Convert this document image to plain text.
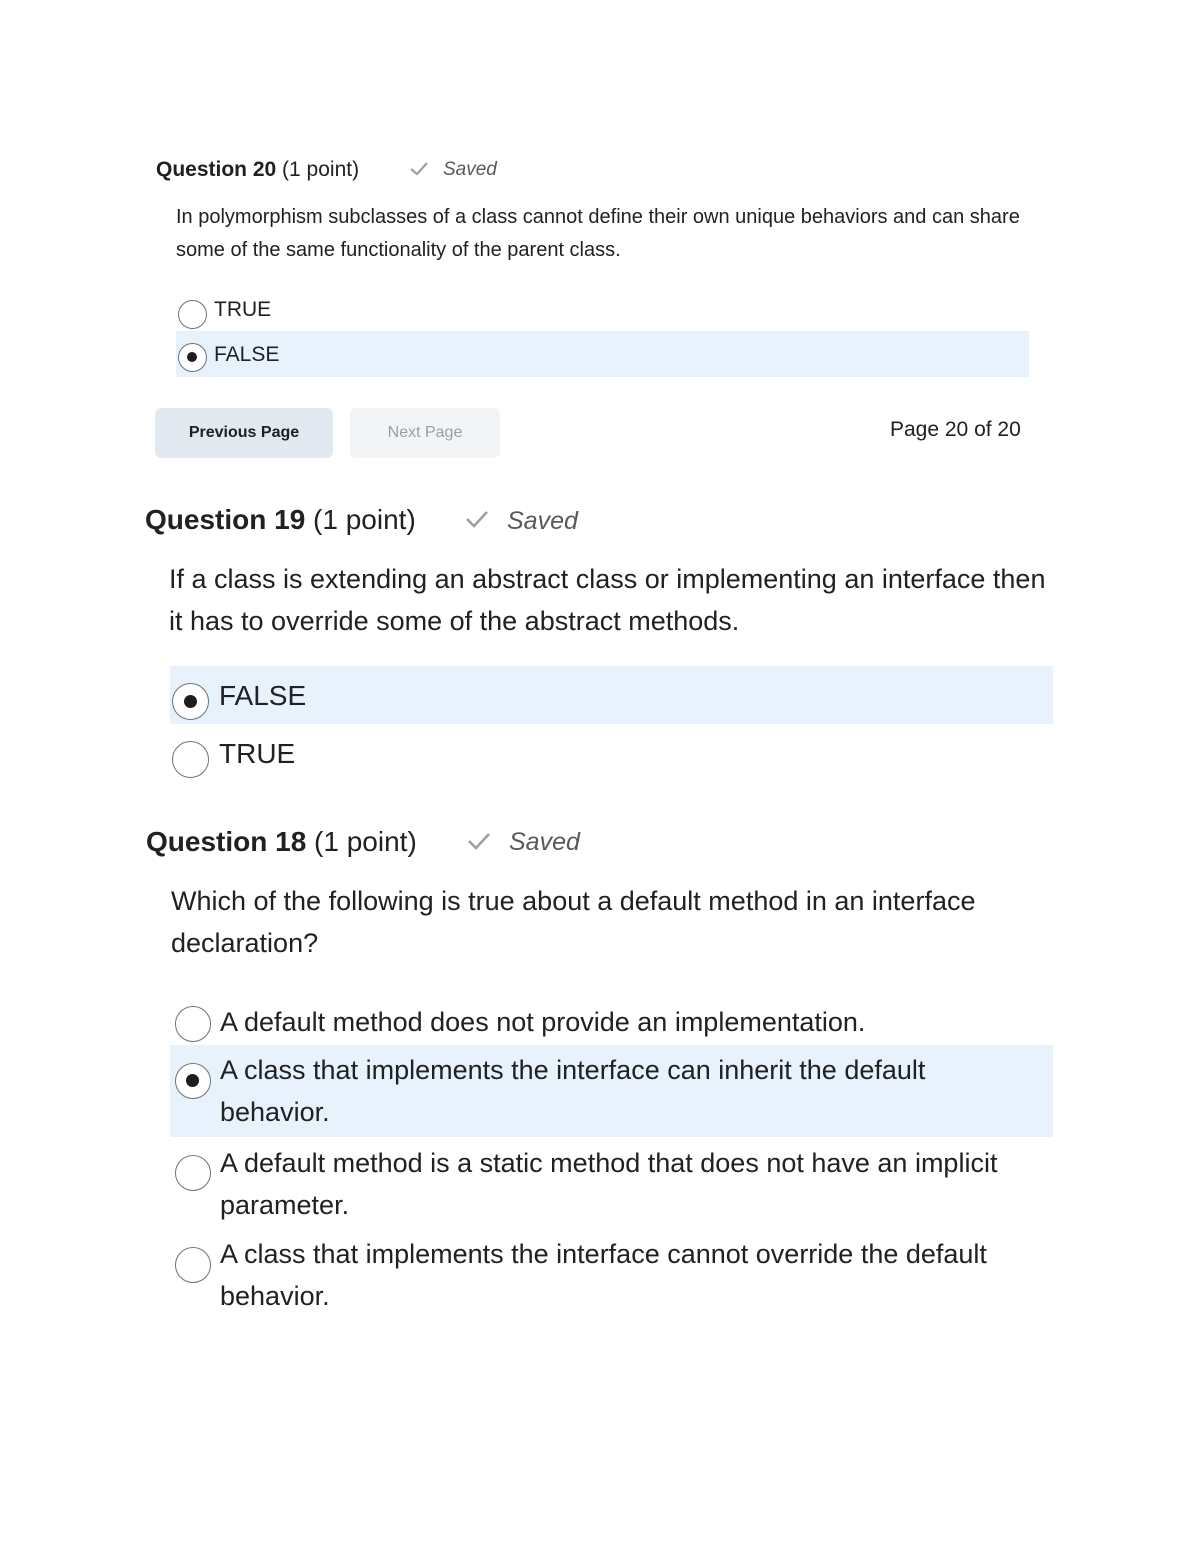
Question 20 (1 point)	Saved
In polymorphism subclasses of a class cannot define their own unique behaviors and can share some of the same functionality of the parent class.
TRUE
FALSE
Previous Page	Next Page	Page 20 of 20
Question 19 (1 point)	Saved
If a class is extending an abstract class or implementing an interface then it has to override some of the abstract methods.
FALSE
TRUE
Question 18 (1 point)	Saved
Which of the following is true about a default method in an interface declaration?
A default method does not provide an implementation.
A class that implements the interface can inherit the default behavior.
A default method is a static method that does not have an implicit parameter.
A class that implements the interface cannot override the default behavior.
